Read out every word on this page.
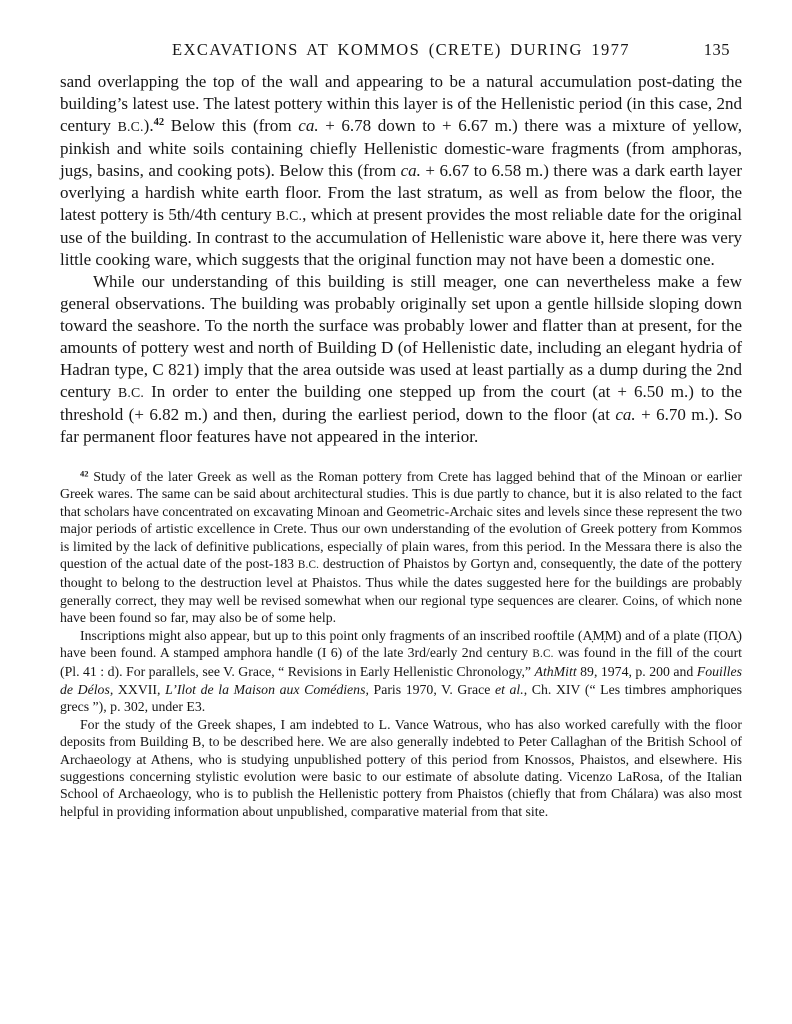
EXCAVATIONS AT KOMMOS (CRETE) DURING 1977	135

sand overlapping the top of the wall and appearing to be a natural accumulation post-dating the building’s latest use. The latest pottery within this layer is of the Hellenistic period (in this case, 2nd century B.C.).$^{42}$ Below this (from ca. + 6.78 down to + 6.67 m.) there was a mixture of yellow, pinkish and white soils containing chiefly Hellenistic domestic-ware fragments (from amphoras, jugs, basins, and cooking pots). Below this (from ca. + 6.67 to 6.58 m.) there was a dark earth layer overlying a hardish white earth floor. From the last stratum, as well as from below the floor, the latest pottery is 5th/4th century B.C., which at present provides the most reliable date for the original use of the building. In contrast to the accumulation of Hellenistic ware above it, here there was very little cooking ware, which suggests that the original function may not have been a domestic one.

While our understanding of this building is still meager, one can nevertheless make a few general observations. The building was probably originally set upon a gentle hillside sloping down toward the seashore. To the north the surface was probably lower and flatter than at present, for the amounts of pottery west and north of Building D (of Hellenistic date, including an elegant hydria of Hadran type, C 821) imply that the area outside was used at least partially as a dump during the 2nd century B.C. In order to enter the building one stepped up from the court (at + 6.50 m.) to the threshold (+ 6.82 m.) and then, during the earliest period, down to the floor (at ca. + 6.70 m.). So far permanent floor features have not appeared in the interior.

$^{42}$ Study of the later Greek as well as the Roman pottery from Crete has lagged behind that of the Minoan or earlier Greek wares. The same can be said about architectural studies. This is due partly to chance, but it is also related to the fact that scholars have concentrated on excavating Minoan and Geometric-Archaic sites and levels since these represent the two major periods of artistic excellence in Crete. Thus our own understanding of the evolution of Greek pottery from Kommos is limited by the lack of definitive publications, especially of plain wares, from this period. In the Messara there is also the question of the actual date of the post-183 B.C. destruction of Phaistos by Gortyn and, consequently, the date of the pottery thought to belong to the destruction level at Phaistos. Thus while the dates suggested here for the buildings are probably generally correct, they may well be revised somewhat when our regional type sequences are clearer. Coins, of which none have been found so far, may also be of some help.

Inscriptions might also appear, but up to this point only fragments of an inscribed rooftile (Α̣Μ̣Μ̣) and of a plate (Π̣ΟΛ̣) have been found. A stamped amphora handle (I 6) of the late 3rd/early 2nd century B.C. was found in the fill of the court (Pl. 41 : d). For parallels, see V. Grace, “ Revisions in Early Hellenistic Chronology,” AthMitt 89, 1974, p. 200 and Fouilles de Délos, XXVII, L’Ilot de la Maison aux Comédiens, Paris 1970, V. Grace et al., Ch. XIV (“ Les timbres amphoriques grecs ”), p. 302, under E3.

For the study of the Greek shapes, I am indebted to L. Vance Watrous, who has also worked carefully with the floor deposits from Building B, to be described here. We are also generally indebted to Peter Callaghan of the British School of Archaeology at Athens, who is studying unpublished pottery of this period from Knossos, Phaistos, and elsewhere. His suggestions concerning stylistic evolution were basic to our estimate of absolute dating. Vicenzo LaRosa, of the Italian School of Archaeology, who is to publish the Hellenistic pottery from Phaistos (chiefly that from Chálara) was also most helpful in providing information about unpublished, comparative material from that site.
